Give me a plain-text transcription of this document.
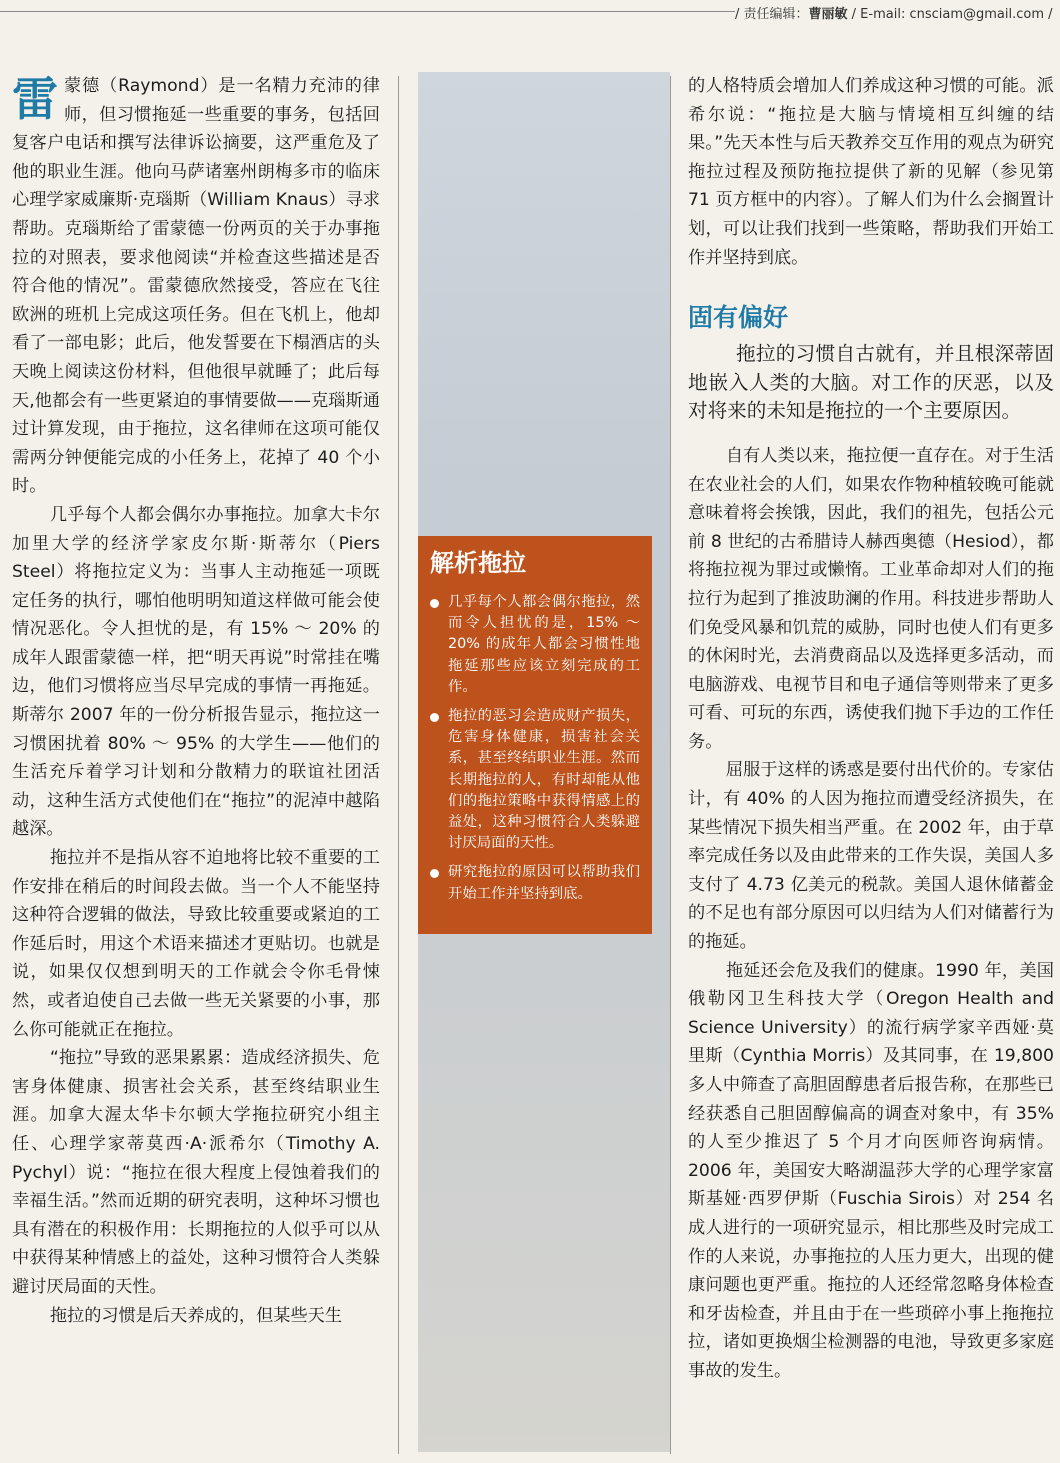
/ 责任编辑：曹丽敏 / E-mail: cnsciam@gmail.com /

雷蒙德（Raymond）是一名精力充沛的律师，但习惯拖延一些重要的事务，包括回复客户电话和撰写法律诉讼摘要，这严重危及了他的职业生涯。他向马萨诸塞州朗梅多市的临床心理学家威廉斯·克瑙斯（William Knaus）寻求帮助。克瑙斯给了雷蒙德一份两页的关于办事拖拉的对照表，要求他阅读“并检查这些描述是否符合他的情况”。雷蒙德欣然接受，答应在飞往欧洲的班机上完成这项任务。但在飞机上，他却看了一部电影；此后，他发誓要在下榻酒店的头天晚上阅读这份材料，但他很早就睡了；此后每天,他都会有一些更紧迫的事情要做——克瑙斯通过计算发现，由于拖拉，这名律师在这项可能仅需两分钟便能完成的小任务上，花掉了 40 个小时。

几乎每个人都会偶尔办事拖拉。加拿大卡尔加里大学的经济学家皮尔斯·斯蒂尔（Piers Steel）将拖拉定义为：当事人主动拖延一项既定任务的执行，哪怕他明明知道这样做可能会使情况恶化。令人担忧的是，有 15% ～ 20% 的成年人跟雷蒙德一样，把“明天再说”时常挂在嘴边，他们习惯将应当尽早完成的事情一再拖延。斯蒂尔 2007 年的一份分析报告显示，拖拉这一习惯困扰着 80% ～ 95% 的大学生——他们的生活充斥着学习计划和分散精力的联谊社团活动，这种生活方式使他们在“拖拉”的泥淖中越陷越深。

拖拉并不是指从容不迫地将比较不重要的工作安排在稍后的时间段去做。当一个人不能坚持这种符合逻辑的做法，导致比较重要或紧迫的工作延后时，用这个术语来描述才更贴切。也就是说，如果仅仅想到明天的工作就会令你毛骨悚然，或者迫使自己去做一些无关紧要的小事，那么你可能就正在拖拉。

“拖拉”导致的恶果累累：造成经济损失、危害身体健康、损害社会关系，甚至终结职业生涯。加拿大渥太华卡尔顿大学拖拉研究小组主任、心理学家蒂莫西·A·派希尔（Timothy A. Pychyl）说：“拖拉在很大程度上侵蚀着我们的幸福生活。”然而近期的研究表明，这种坏习惯也具有潜在的积极作用：长期拖拉的人似乎可以从中获得某种情感上的益处，这种习惯符合人类躲避讨厌局面的天性。

拖拉的习惯是后天养成的，但某些天生

解析拖拉
几乎每个人都会偶尔拖拉，然而令人担忧的是，15% ～ 20% 的成年人都会习惯性地拖延那些应该立刻完成的工作。
拖拉的恶习会造成财产损失，危害身体健康，损害社会关系，甚至终结职业生涯。然而长期拖拉的人，有时却能从他们的拖拉策略中获得情感上的益处，这种习惯符合人类躲避讨厌局面的天性。
研究拖拉的原因可以帮助我们开始工作并坚持到底。

的人格特质会增加人们养成这种习惯的可能。派希尔说：“拖拉是大脑与情境相互纠缠的结果。”先天本性与后天教养交互作用的观点为研究拖拉过程及预防拖拉提供了新的见解（参见第 71 页方框中的内容）。了解人们为什么会搁置计划，可以让我们找到一些策略，帮助我们开始工作并坚持到底。

固有偏好
拖拉的习惯自古就有，并且根深蒂固地嵌入人类的大脑。对工作的厌恶，以及对将来的未知是拖拉的一个主要原因。

自有人类以来，拖拉便一直存在。对于生活在农业社会的人们，如果农作物种植较晚可能就意味着将会挨饿，因此，我们的祖先，包括公元前 8 世纪的古希腊诗人赫西奥德（Hesiod），都将拖拉视为罪过或懒惰。工业革命却对人们的拖拉行为起到了推波助澜的作用。科技进步帮助人们免受风暴和饥荒的威胁，同时也使人们有更多的休闲时光，去消费商品以及选择更多活动，而电脑游戏、电视节目和电子通信等则带来了更多可看、可玩的东西，诱使我们抛下手边的工作任务。

屈服于这样的诱惑是要付出代价的。专家估计，有 40% 的人因为拖拉而遭受经济损失，在某些情况下损失相当严重。在 2002 年，由于草率完成任务以及由此带来的工作失误，美国人多支付了 4.73 亿美元的税款。美国人退休储蓄金的不足也有部分原因可以归结为人们对储蓄行为的拖延。

拖延还会危及我们的健康。1990 年，美国俄勒冈卫生科技大学（Oregon Health and Science University）的流行病学家辛西娅·莫里斯（Cynthia Morris）及其同事，在 19,800 多人中筛查了高胆固醇患者后报告称，在那些已经获悉自己胆固醇偏高的调查对象中，有 35% 的人至少推迟了 5 个月才向医师咨询病情。2006 年，美国安大略湖温莎大学的心理学家富斯基娅·西罗伊斯（Fuschia Sirois）对 254 名成人进行的一项研究显示，相比那些及时完成工作的人来说，办事拖拉的人压力更大，出现的健康问题也更严重。拖拉的人还经常忽略身体检查和牙齿检查，并且由于在一些琐碎小事上拖拖拉拉，诸如更换烟尘检测器的电池，导致更多家庭事故的发生。
